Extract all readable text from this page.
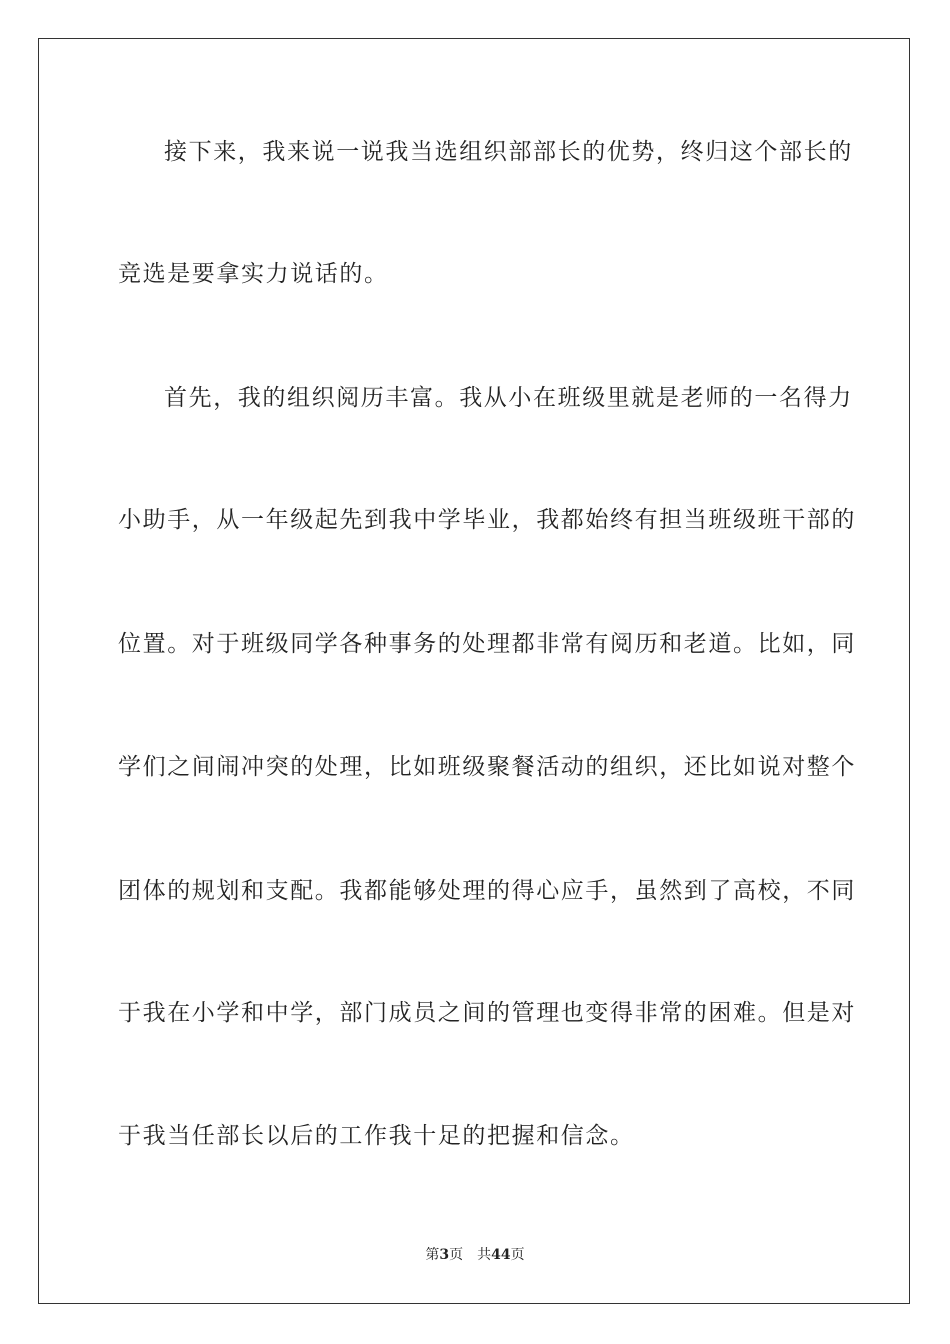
接下来，我来说一说我当选组织部部长的优势，终归这个部长的
竞选是要拿实力说话的。
首先，我的组织阅历丰富。我从小在班级里就是老师的一名得力
小助手，从一年级起先到我中学毕业，我都始终有担当班级班干部的
位置。对于班级同学各种事务的处理都非常有阅历和老道。比如，同
学们之间闹冲突的处理，比如班级聚餐活动的组织，还比如说对整个
团体的规划和支配。我都能够处理的得心应手，虽然到了高校，不同
于我在小学和中学，部门成员之间的管理也变得非常的困难。但是对
于我当任部长以后的工作我十足的把握和信念。
第3页 共44页
